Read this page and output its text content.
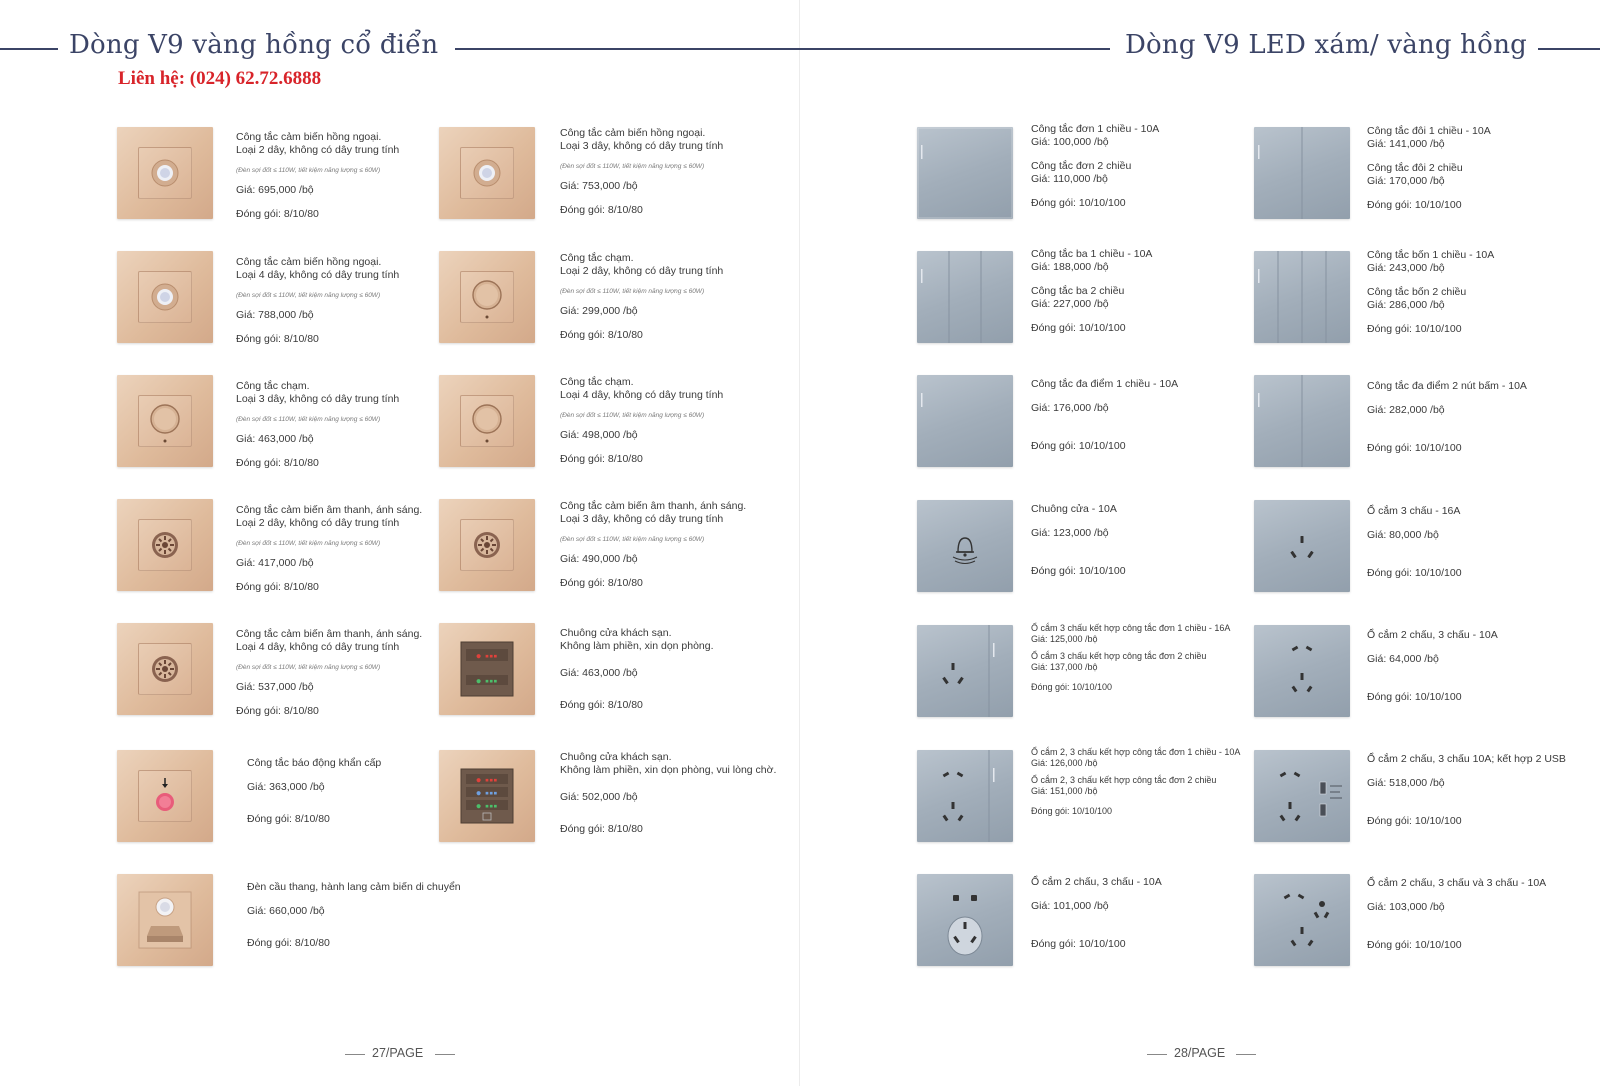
Dòng V9 vàng hồng cổ điển	Dòng V9 LED xám/ vàng hồng
Liên hệ: (024) 62.72.6888
Công tắc cảm biến hồng ngoại.
Loại 2 dây, không có dây trung tính
(Đèn sợi đốt ≤ 110W, tiết kiệm năng lượng ≤ 60W)
Giá: 695,000 /bộ
Đóng gói: 8/10/80
Công tắc cảm biến hồng ngoại.
Loại 3 dây, không có dây trung tính
(Đèn sợi đốt ≤ 110W, tiết kiệm năng lượng ≤ 60W)
Giá: 753,000 /bộ
Đóng gói: 8/10/80
Công tắc cảm biến hồng ngoại.
Loại 4 dây, không có dây trung tính
(Đèn sợi đốt ≤ 110W, tiết kiệm năng lượng ≤ 60W)
Giá: 788,000 /bộ
Đóng gói: 8/10/80
Công tắc chạm.
Loại 2 dây, không có dây trung tính
(Đèn sợi đốt ≤ 110W, tiết kiệm năng lượng ≤ 60W)
Giá: 299,000 /bộ
Đóng gói: 8/10/80
Công tắc chạm.
Loại 3 dây, không có dây trung tính
(Đèn sợi đốt ≤ 110W, tiết kiệm năng lượng ≤ 60W)
Giá: 463,000 /bộ
Đóng gói: 8/10/80
Công tắc chạm.
Loại 4 dây, không có dây trung tính
(Đèn sợi đốt ≤ 110W, tiết kiệm năng lượng ≤ 60W)
Giá: 498,000 /bộ
Đóng gói: 8/10/80
Công tắc cảm biến âm thanh, ánh sáng.
Loại 2 dây, không có dây trung tính
(Đèn sợi đốt ≤ 110W, tiết kiệm năng lượng ≤ 60W)
Giá: 417,000 /bộ
Đóng gói: 8/10/80
Công tắc cảm biến âm thanh, ánh sáng.
Loại 3 dây, không có dây trung tính
(Đèn sợi đốt ≤ 110W, tiết kiệm năng lượng ≤ 60W)
Giá: 490,000 /bộ
Đóng gói: 8/10/80
Công tắc cảm biến âm thanh, ánh sáng.
Loại 4 dây, không có dây trung tính
(Đèn sợi đốt ≤ 110W, tiết kiệm năng lượng ≤ 60W)
Giá: 537,000 /bộ
Đóng gói: 8/10/80
● ▪▪▪
● ▪▪▪
Chuông cửa khách sạn.
Không làm phiền, xin dọn phòng.
Giá: 463,000 /bộ
Đóng gói: 8/10/80
Công tắc báo động khẩn cấp
Giá: 363,000 /bộ
Đóng gói: 8/10/80
● ▪▪▪
● ▪▪▪
● ▪▪▪
Chuông cửa khách sạn.
Không làm phiền, xin dọn phòng, vui lòng chờ.
Giá: 502,000 /bộ
Đóng gói: 8/10/80
Đèn cầu thang, hành lang cảm biến di chuyển
Giá: 660,000 /bộ
Đóng gói: 8/10/80
27/PAGE
Công tắc đơn 1 chiều - 10A
Giá: 100,000 /bộ
Công tắc đơn 2 chiều
Giá: 110,000 /bộ
Đóng gói: 10/10/100
Công tắc đôi 1 chiều - 10A
Giá: 141,000 /bộ
Công tắc đôi 2 chiều
Giá: 170,000 /bộ
Đóng gói: 10/10/100
Công tắc ba 1 chiều - 10A
Giá: 188,000 /bộ
Công tắc ba 2 chiều
Giá: 227,000 /bộ
Đóng gói: 10/10/100
Công tắc bốn 1 chiều - 10A
Giá: 243,000 /bộ
Công tắc bốn 2 chiều
Giá: 286,000 /bộ
Đóng gói: 10/10/100
Công tắc đa điểm 1 chiều - 10A
Giá: 176,000 /bộ
Đóng gói: 10/10/100
Công tắc đa điểm 2 nút bấm - 10A
Giá: 282,000 /bộ
Đóng gói: 10/10/100
Chuông cửa - 10A
Giá: 123,000 /bộ
Đóng gói: 10/10/100
Ổ cắm 3 chấu - 16A
Giá: 80,000 /bộ
Đóng gói: 10/10/100
Ổ cắm 3 chấu kết hợp công tắc đơn 1 chiều - 16A
Giá: 125,000 /bộ
Ổ cắm 3 chấu kết hợp công tắc đơn 2 chiều
Giá: 137,000 /bộ
Đóng gói: 10/10/100
Ổ cắm 2 chấu, 3 chấu - 10A
Giá: 64,000 /bộ
Đóng gói: 10/10/100
Ổ cắm 2, 3 chấu kết hợp công tắc đơn 1 chiều - 10A
Giá: 126,000 /bộ
Ổ cắm 2, 3 chấu kết hợp công tắc đơn 2 chiều
Giá: 151,000 /bộ
Đóng gói: 10/10/100
Ổ cắm 2 chấu, 3 chấu 10A; kết hợp 2 USB
Giá: 518,000 /bộ
Đóng gói: 10/10/100
Ổ cắm 2 chấu, 3 chấu - 10A
Giá: 101,000 /bộ
Đóng gói: 10/10/100
Ổ cắm 2 chấu, 3 chấu và 3 chấu - 10A
Giá: 103,000 /bộ
Đóng gói: 10/10/100
28/PAGE
